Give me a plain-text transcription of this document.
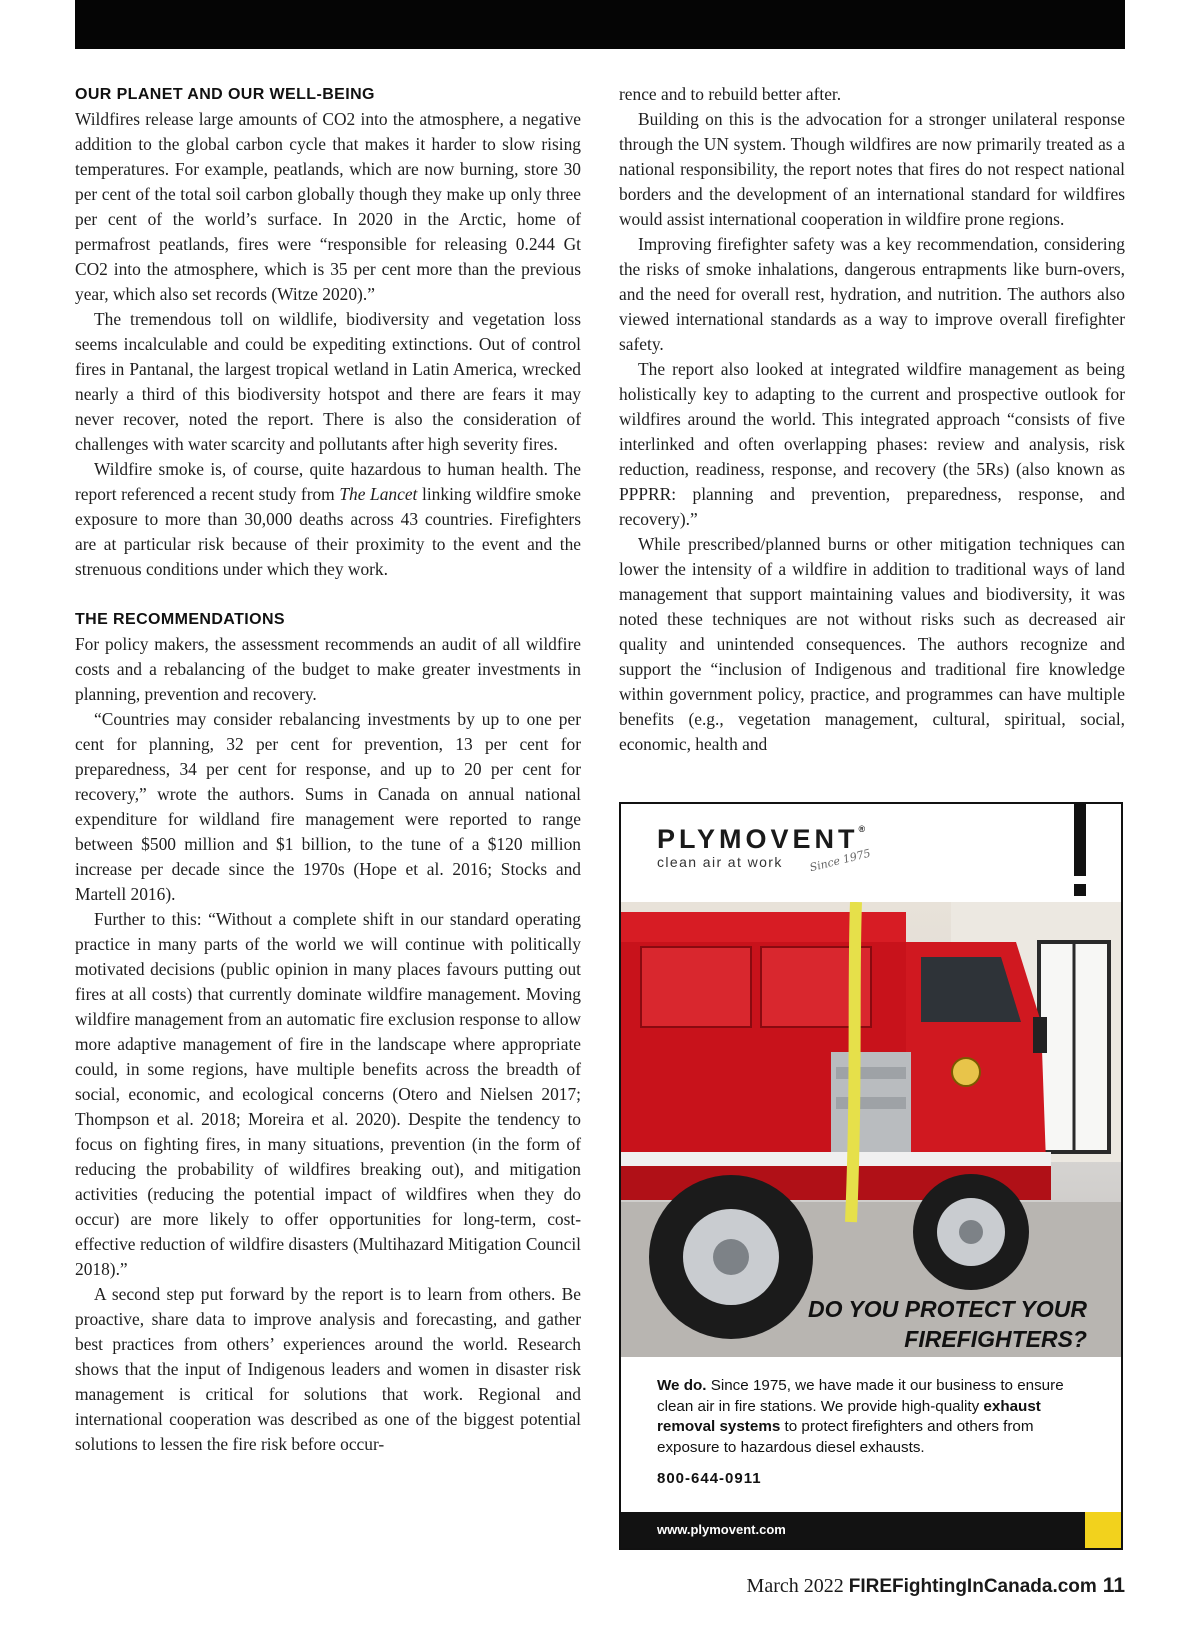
OUR PLANET AND OUR WELL-BEING

Wildfires release large amounts of CO2 into the atmosphere, a negative addition to the global carbon cycle that makes it harder to slow rising temperatures. For example, peatlands, which are now burning, store 30 per cent of the total soil carbon globally though they make up only three per cent of the world’s surface. In 2020 in the Arctic, home of permafrost peatlands, fires were “responsible for releasing 0.244 Gt CO2 into the atmosphere, which is 35 per cent more than the previous year, which also set records (Witze 2020).”

The tremendous toll on wildlife, biodiversity and vegetation loss seems incalculable and could be expediting extinctions. Out of control fires in Pantanal, the largest tropical wetland in Latin America, wrecked nearly a third of this biodiversity hotspot and there are fears it may never recover, noted the report. There is also the consideration of challenges with water scarcity and pollutants after high severity fires.

Wildfire smoke is, of course, quite hazardous to human health. The report referenced a recent study from The Lancet linking wildfire smoke exposure to more than 30,000 deaths across 43 countries. Firefighters are at particular risk because of their proximity to the event and the strenuous conditions under which they work.

THE RECOMMENDATIONS

For policy makers, the assessment recommends an audit of all wildfire costs and a rebalancing of the budget to make greater investments in planning, prevention and recovery.

“Countries may consider rebalancing investments by up to one per cent for planning, 32 per cent for prevention, 13 per cent for preparedness, 34 per cent for response, and up to 20 per cent for recovery,” wrote the authors. Sums in Canada on annual national expenditure for wildland fire management were reported to range between $500 million and $1 billion, to the tune of a $120 million increase per decade since the 1970s (Hope et al. 2016; Stocks and Martell 2016).

Further to this: “Without a complete shift in our standard operating practice in many parts of the world we will continue with politically motivated decisions (public opinion in many places favours putting out fires at all costs) that currently dominate wildfire management. Moving wildfire management from an automatic fire exclusion response to allow more adaptive management of fire in the landscape where appropriate could, in some regions, have multiple benefits across the breadth of social, economic, and ecological concerns (Otero and Nielsen 2017; Thompson et al. 2018; Moreira et al. 2020). Despite the tendency to focus on fighting fires, in many situations, prevention (in the form of reducing the probability of wildfires breaking out), and mitigation activities (reducing the potential impact of wildfires when they do occur) are more likely to offer opportunities for long-term, cost-effective reduction of wildfire disasters (Multihazard Mitigation Council 2018).”

A second step put forward by the report is to learn from others. Be proactive, share data to improve analysis and forecasting, and gather best practices from others’ experiences around the world. Research shows that the input of Indigenous leaders and women in disaster risk management is critical for solutions that work. Regional and international cooperation was described as one of the biggest potential solutions to lessen the fire risk before occur-

rence and to rebuild better after.

Building on this is the advocation for a stronger unilateral response through the UN system. Though wildfires are now primarily treated as a national responsibility, the report notes that fires do not respect national borders and the development of an international standard for wildfires would assist international cooperation in wildfire prone regions.

Improving firefighter safety was a key recommendation, considering the risks of smoke inhalations, dangerous entrapments like burn-overs, and the need for overall rest, hydration, and nutrition. The authors also viewed international standards as a way to improve overall firefighter safety.

The report also looked at integrated wildfire management as being holistically key to adapting to the current and prospective outlook for wildfires around the world. This integrated approach “consists of five interlinked and often overlapping phases: review and analysis, risk reduction, readiness, response, and recovery (the 5Rs) (also known as PPPRR: planning and prevention, preparedness, response, and recovery).”

While prescribed/planned burns or other mitigation techniques can lower the intensity of a wildfire in addition to traditional ways of land management that support maintaining values and biodiversity, it was noted these techniques are not without risks such as decreased air quality and unintended consequences. The authors recognize and support the “inclusion of Indigenous and traditional fire knowledge within government policy, practice, and programmes can have multiple benefits (e.g., vegetation management, cultural, spiritual, social, economic, health and

PLYMOVENT®
clean air at work Since 1975
DO YOU PROTECT YOUR
FIREFIGHTERS?
We do. Since 1975, we have made it our business to ensure clean air in fire stations. We provide high-quality exhaust removal systems to protect firefighters and others from exposure to hazardous diesel exhausts.
800-644-0911
www.plymovent.com
March 2022 FIREFightingInCanada.com 11
